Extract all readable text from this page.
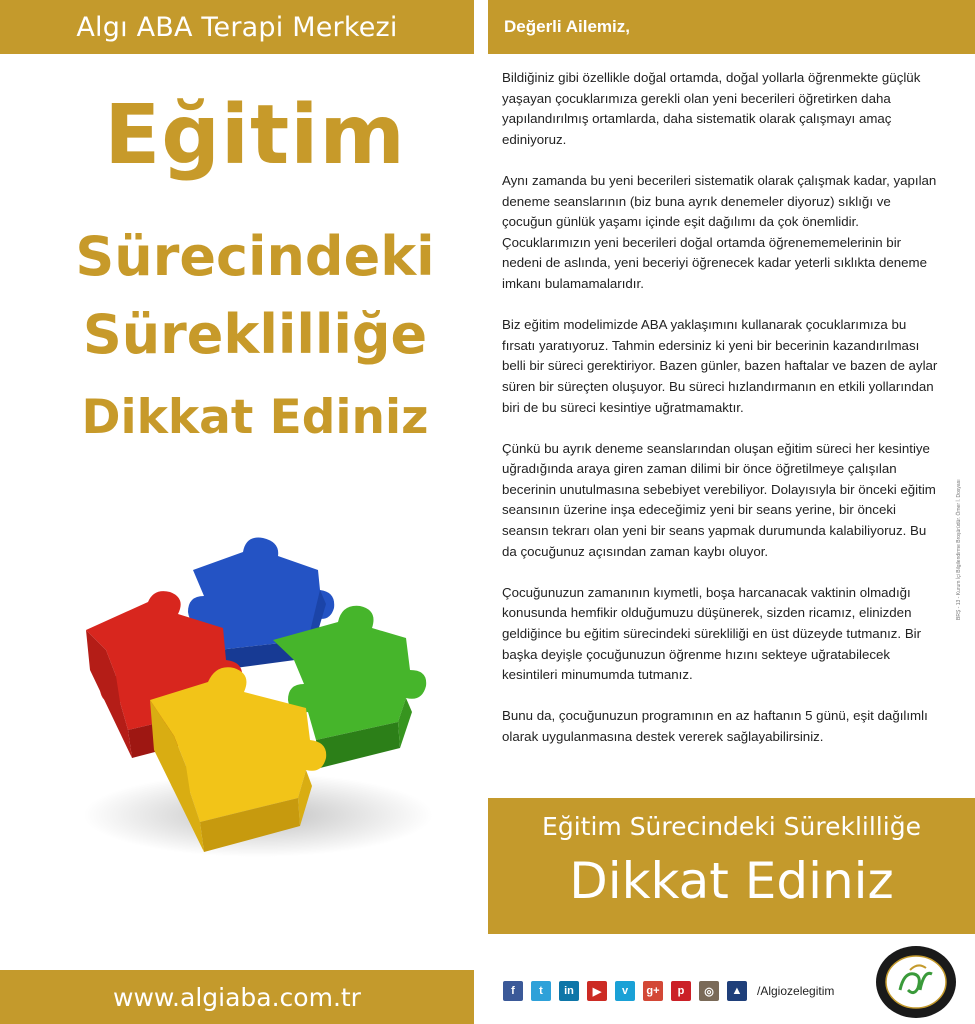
Algı ABA Terapi Merkezi
Eğitim
Sürecindeki
Süreklilliğe
Dikkat Ediniz
www.algiaba.com.tr
Değerli Ailemiz,

Bildiğiniz gibi özellikle doğal ortamda, doğal yollarla öğrenmekte güçlük yaşayan çocuklarımıza gerekli olan yeni becerileri öğretirken daha yapılandırılmış ortamlarda, daha sistematik olarak çalışmayı amaç ediniyoruz.

Aynı zamanda bu yeni becerileri sistematik olarak çalışmak kadar, yapılan deneme seanslarının (biz buna ayrık denemeler diyoruz) sıklığı ve çocuğun günlük yaşamı içinde eşit dağılımı da çok önemlidir. Çocuklarımızın yeni becerileri doğal ortamda öğrenememelerinin bir nedeni de aslında, yeni beceriyi öğrenecek kadar yeterli sıklıkta deneme imkanı bulamamalarıdır.

Biz eğitim modelimizde ABA yaklaşımını kullanarak çocuklarımıza bu fırsatı yaratıyoruz. Tahmin edersiniz ki yeni bir becerinin kazandırılması belli bir süreci gerektiriyor. Bazen günler, bazen haftalar ve bazen de aylar süren bir süreçten oluşuyor. Bu süreci hızlandırmanın en etkili yollarından biri de bu süreci kesintiye uğratmamaktır.

Çünkü bu ayrık deneme seanslarından oluşan eğitim süreci her kesintiye uğradığında araya giren zaman dilimi bir önce öğretilmeye çalışılan becerinin unutulmasına sebebiyet verebiliyor. Dolayısıyla bir önceki eğitim seansının üzerine inşa edeceğimiz yeni bir seans yerine, bir önceki seansın tekrarı olan yeni bir seans yapmak durumunda kalabiliyoruz. Bu da çocuğunuz açısından zaman kaybı oluyor.

Çocuğunuzun zamanının kıymetli, boşa harcanacak vaktinin olmadığı konusunda hemfikir olduğumuzu düşünerek, sizden ricamız, elinizden geldiğince bu eğitim sürecindeki sürekliliği en üst düzeyde tutmanız. Bir başka deyişle çocuğunuzun öğrenme hızını sekteye uğratabilecek kesintileri minumumda tutmanız.

Bunu da, çocuğunuzun programının en az haftanın 5 günü, eşit dağılımlı olarak uygulanmasına destek vererek sağlayabilirsiniz.

BRŞ - 13 - Kurum İçi Bilgilendirme Broşürüdür. Ömer İ. Dosyası
Eğitim Sürecindeki Süreklilliğe
Dikkat Ediniz
f	t	in	▶	v	g+	p	◎	▲	/Algiozelegitim
